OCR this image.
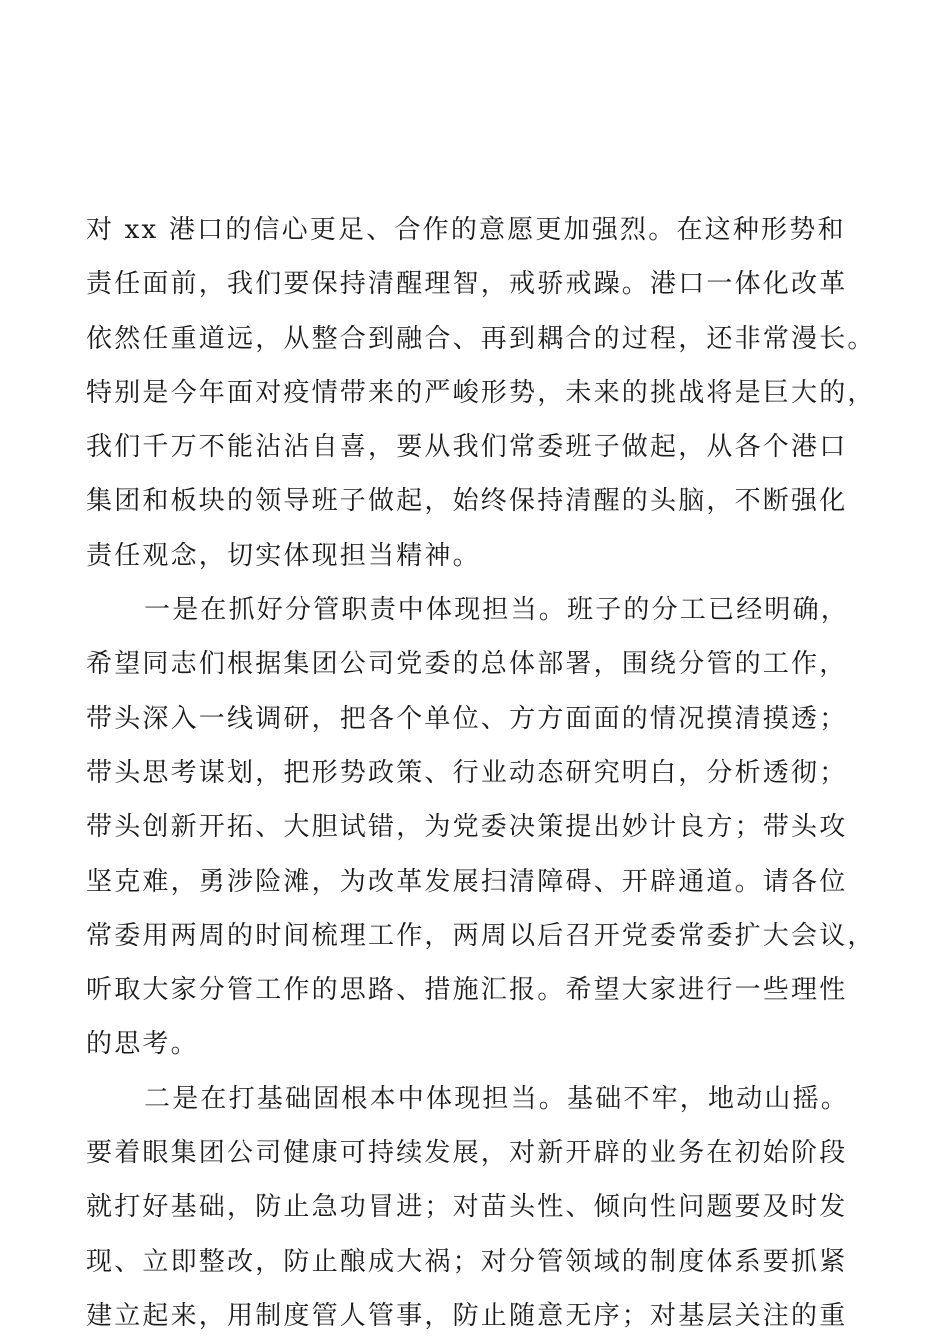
对 xx 港口的信心更足、合作的意愿更加强烈。在这种形势和
责任面前，我们要保持清醒理智，戒骄戒躁。港口一体化改革
依然任重道远，从整合到融合、再到耦合的过程，还非常漫长。
特别是今年面对疫情带来的严峻形势，未来的挑战将是巨大的，
我们千万不能沾沾自喜，要从我们常委班子做起，从各个港口
集团和板块的领导班子做起，始终保持清醒的头脑，不断强化
责任观念，切实体现担当精神。
一是在抓好分管职责中体现担当。班子的分工已经明确，
希望同志们根据集团公司党委的总体部署，围绕分管的工作，
带头深入一线调研，把各个单位、方方面面的情况摸清摸透；
带头思考谋划，把形势政策、行业动态研究明白，分析透彻；
带头创新开拓、大胆试错，为党委决策提出妙计良方；带头攻
坚克难，勇涉险滩，为改革发展扫清障碍、开辟通道。请各位
常委用两周的时间梳理工作，两周以后召开党委常委扩大会议，
听取大家分管工作的思路、措施汇报。希望大家进行一些理性
的思考。
二是在打基础固根本中体现担当。基础不牢，地动山摇。
要着眼集团公司健康可持续发展，对新开辟的业务在初始阶段
就打好基础，防止急功冒进；对苗头性、倾向性问题要及时发
现、立即整改，防止酿成大祸；对分管领域的制度体系要抓紧
建立起来，用制度管人管事，防止随意无序；对基层关注的重
